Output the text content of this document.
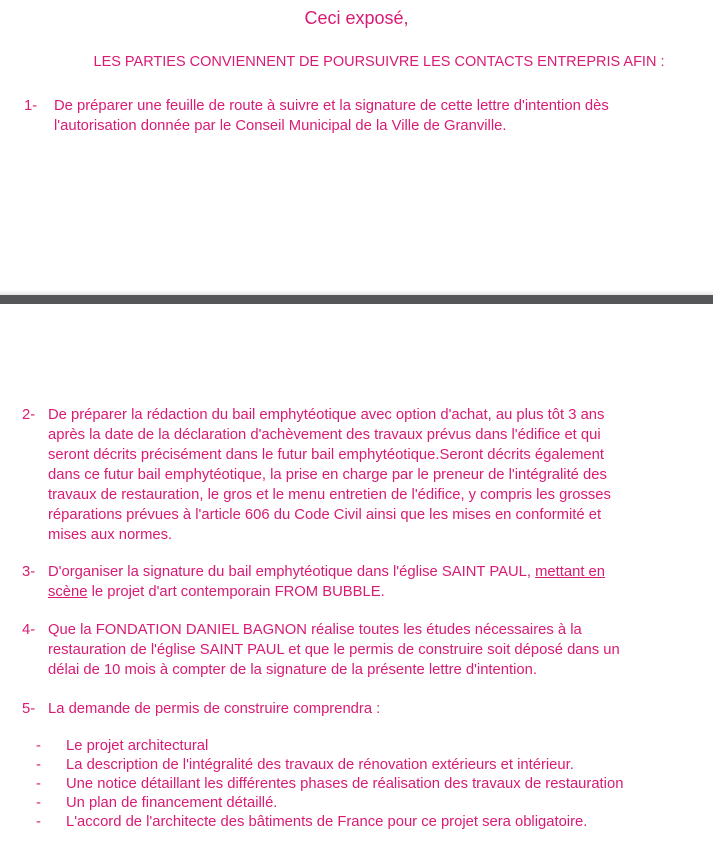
Ceci exposé,
LES PARTIES CONVIENNENT DE POURSUIVRE LES CONTACTS ENTREPRIS AFIN :
1- De préparer une feuille de route à suivre et la signature de cette lettre d'intention dès
l'autorisation donnée par le Conseil Municipal de la Ville de Granville.
2- De préparer la rédaction du bail emphytéotique avec option d'achat, au plus tôt 3 ans
après la date de la déclaration d'achèvement des travaux prévus dans l'édifice et qui
seront décrits précisément dans le futur bail emphytéotique.Seront décrits également
dans ce futur bail emphytéotique, la prise en charge par le preneur de l'intégralité des
travaux de restauration, le gros et le menu entretien de l'édifice, y compris les grosses
réparations prévues à l'article 606 du Code Civil ainsi que les mises en conformité et
mises aux normes.
3- D'organiser la signature du bail emphytéotique dans l'église SAINT PAUL, mettant en
scène le projet d'art contemporain FROM BUBBLE.
4- Que la FONDATION DANIEL BAGNON réalise toutes les études nécessaires à la
restauration de l'église SAINT PAUL et que le permis de construire soit déposé dans un
délai de 10 mois à compter de la signature de la présente lettre d'intention.
5- La demande de permis de construire comprendra :
- Le projet architectural
- La description de l'intégralité des travaux de rénovation extérieurs et intérieur.
- Une notice détaillant les différentes phases de réalisation des travaux de restauration
- Un plan de financement détaillé.
- L'accord de l'architecte des bâtiments de France pour ce projet sera obligatoire.
